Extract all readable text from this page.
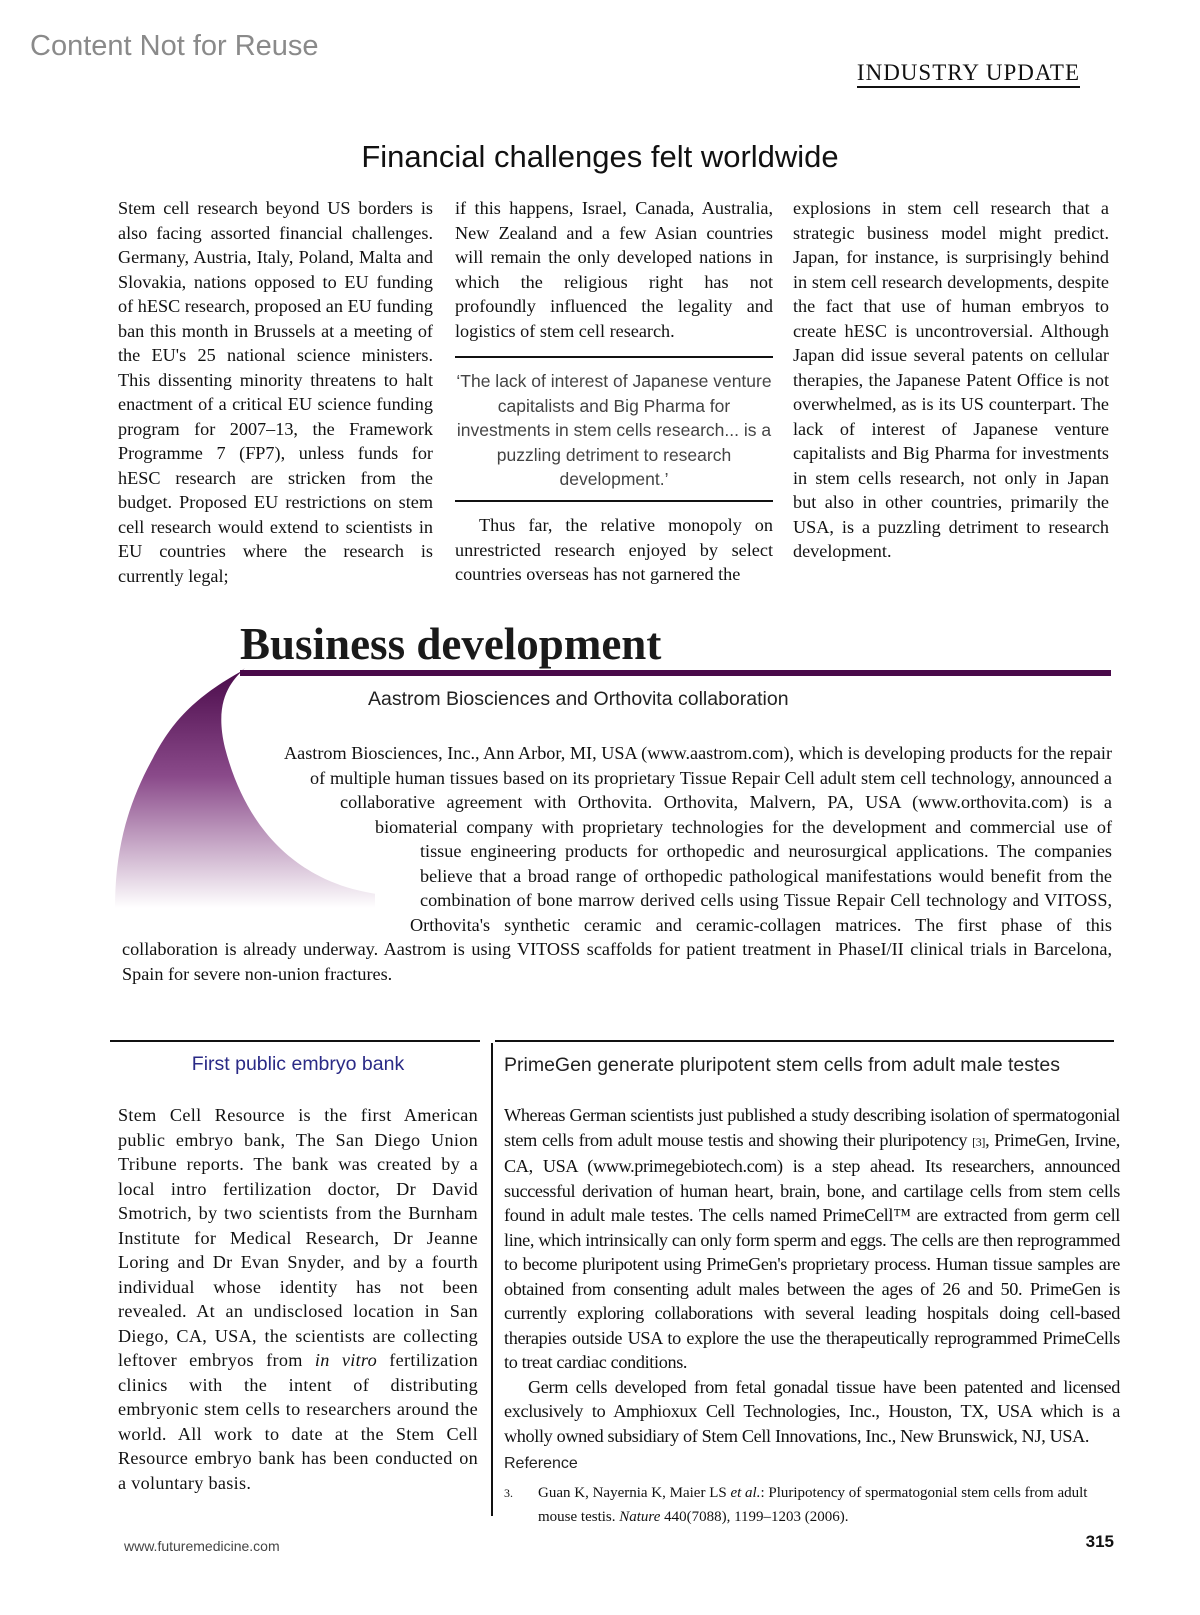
Content Not for Reuse
INDUSTRY UPDATE
Financial challenges felt worldwide

Stem cell research beyond US borders is also facing assorted financial challenges. Germany, Austria, Italy, Poland, Malta and Slovakia, nations opposed to EU funding of hESC research, proposed an EU funding ban this month in Brussels at a meeting of the EU's 25 national science ministers. This dissenting minority threatens to halt enactment of a critical EU science funding program for 2007–13, the Framework Programme 7 (FP7), unless funds for hESC research are stricken from the budget. Proposed EU restrictions on stem cell research would extend to scientists in EU countries where the research is currently legal;

if this happens, Israel, Canada, Australia, New Zealand and a few Asian countries will remain the only developed nations in which the religious right has not profoundly influenced the legality and logistics of stem cell research.

‘The lack of interest of Japanese venture capitalists and Big Pharma for investments in stem cells research... is a puzzling detriment to research development.’

Thus far, the relative monopoly on unrestricted research enjoyed by select countries overseas has not garnered the

explosions in stem cell research that a strategic business model might predict. Japan, for instance, is surprisingly behind in stem cell research developments, despite the fact that use of human embryos to create hESC is uncontroversial. Although Japan did issue several patents on cellular therapies, the Japanese Patent Office is not overwhelmed, as is its US counterpart. The lack of interest of Japanese venture capitalists and Big Pharma for investments in stem cells research, not only in Japan but also in other countries, primarily the USA, is a puzzling detriment to research development.

Business development
Aastrom Biosciences and Orthovita collaboration

Aastrom Biosciences, Inc., Ann Arbor, MI, USA (www.aastrom.com), which is developing products for the repair of multiple human tissues based on its proprietary Tissue Repair Cell adult stem cell technology, announced a collaborative agreement with Orthovita. Orthovita, Malvern, PA, USA (www.orthovita.com) is a biomaterial company with proprietary technologies for the development and commercial use of tissue engineering products for orthopedic and neurosurgical applications. The companies believe that a broad range of orthopedic pathological manifestations would benefit from the combination of bone marrow derived cells using Tissue Repair Cell technology and VITOSS, Orthovita's synthetic ceramic and ceramic-collagen matrices. The first phase of this collaboration is already underway. Aastrom is using VITOSS scaffolds for patient treatment in PhaseI/II clinical trials in Barcelona, Spain for severe non-union fractures.

First public embryo bank

Stem Cell Resource is the first American public embryo bank, The San Diego Union Tribune reports. The bank was created by a local intro fertilization doctor, Dr David Smotrich, by two scientists from the Burnham Institute for Medical Research, Dr Jeanne Loring and Dr Evan Snyder, and by a fourth individual whose identity has not been revealed. At an undisclosed location in San Diego, CA, USA, the scientists are collecting leftover embryos from in vitro fertilization clinics with the intent of distributing embryonic stem cells to researchers around the world. All work to date at the Stem Cell Resource embryo bank has been conducted on a voluntary basis.

PrimeGen generate pluripotent stem cells from adult male testes

Whereas German scientists just published a study describing isolation of spermatogonial stem cells from adult mouse testis and showing their pluripotency [3], PrimeGen, Irvine, CA, USA (www.primegebiotech.com) is a step ahead. Its researchers, announced successful derivation of human heart, brain, bone, and cartilage cells from stem cells found in adult male testes. The cells named PrimeCell™ are extracted from germ cell line, which intrinsically can only form sperm and eggs. The cells are then reprogrammed to become pluripotent using PrimeGen's proprietary process. Human tissue samples are obtained from consenting adult males between the ages of 26 and 50. PrimeGen is currently exploring collaborations with several leading hospitals doing cell-based therapies outside USA to explore the use the therapeutically reprogrammed PrimeCells to treat cardiac conditions.

Germ cells developed from fetal gonadal tissue have been patented and licensed exclusively to Amphioxux Cell Technologies, Inc., Houston, TX, USA which is a wholly owned subsidiary of Stem Cell Innovations, Inc., New Brunswick, NJ, USA.

Reference
3. Guan K, Nayernia K, Maier LS et al.: Pluripotency of spermatogonial stem cells from adult mouse testis. Nature 440(7088), 1199–1203 (2006).
www.futuremedicine.com	315
